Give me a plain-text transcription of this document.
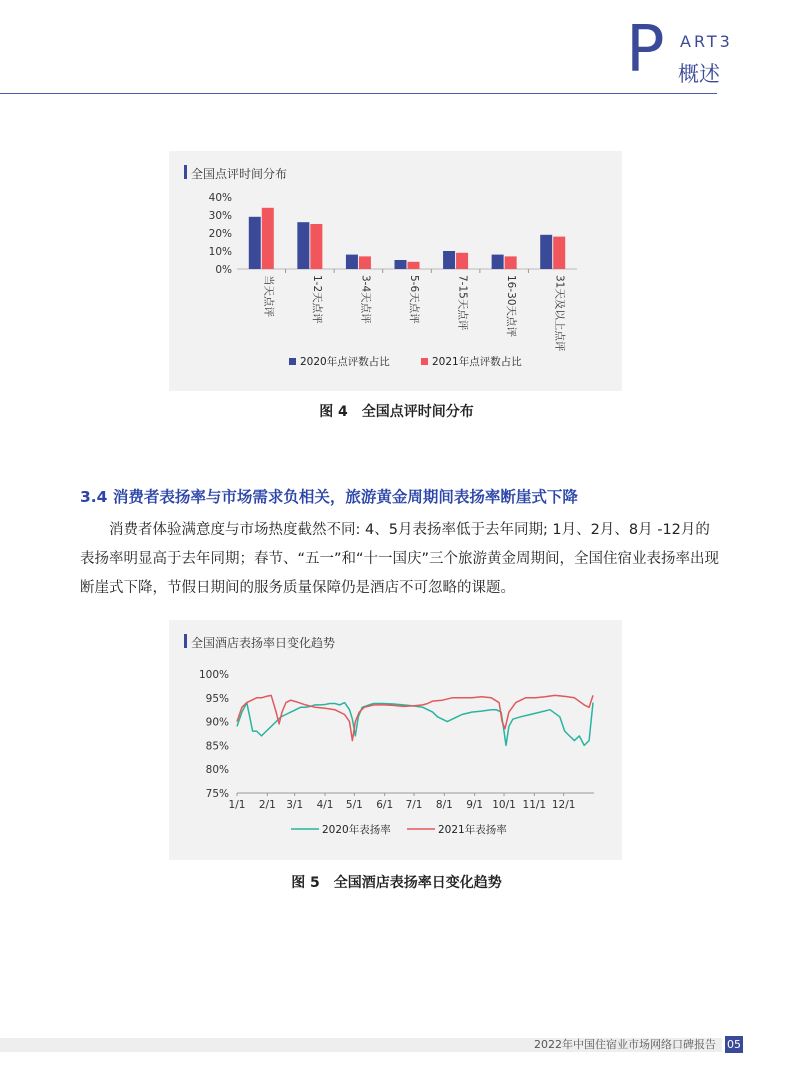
P ART3
概述
全国点评时间分布
40%
30%
20%
10%
0%
当天点评	1-2天点评	3-4天点评	5-6天点评	7-15天点评	16-30天点评	31天及以上点评
2020年点评数占比	2021年点评数占比
图 4　全国点评时间分布
3.4 消费者表扬率与市场需求负相关，旅游黄金周期间表扬率断崖式下降
消费者体验满意度与市场热度截然不同: 4、5月表扬率低于去年同期; 1月、2月、8月 -12月的表扬率明显高于去年同期；春节、“五一”和“十一国庆”三个旅游黄金周期间，全国住宿业表扬率出现断崖式下降，节假日期间的服务质量保障仍是酒店不可忽略的课题。
全国酒店表扬率日变化趋势
100%
95%
90%
85%
80%
75%
1/1 2/1 3/1 4/1 5/1 6/1 7/1 8/1 9/1 10/1 11/1 12/1
2020年表扬率	2021年表扬率
图 5　全国酒店表扬率日变化趋势
2022年中国住宿业市场网络口碑报告 05
